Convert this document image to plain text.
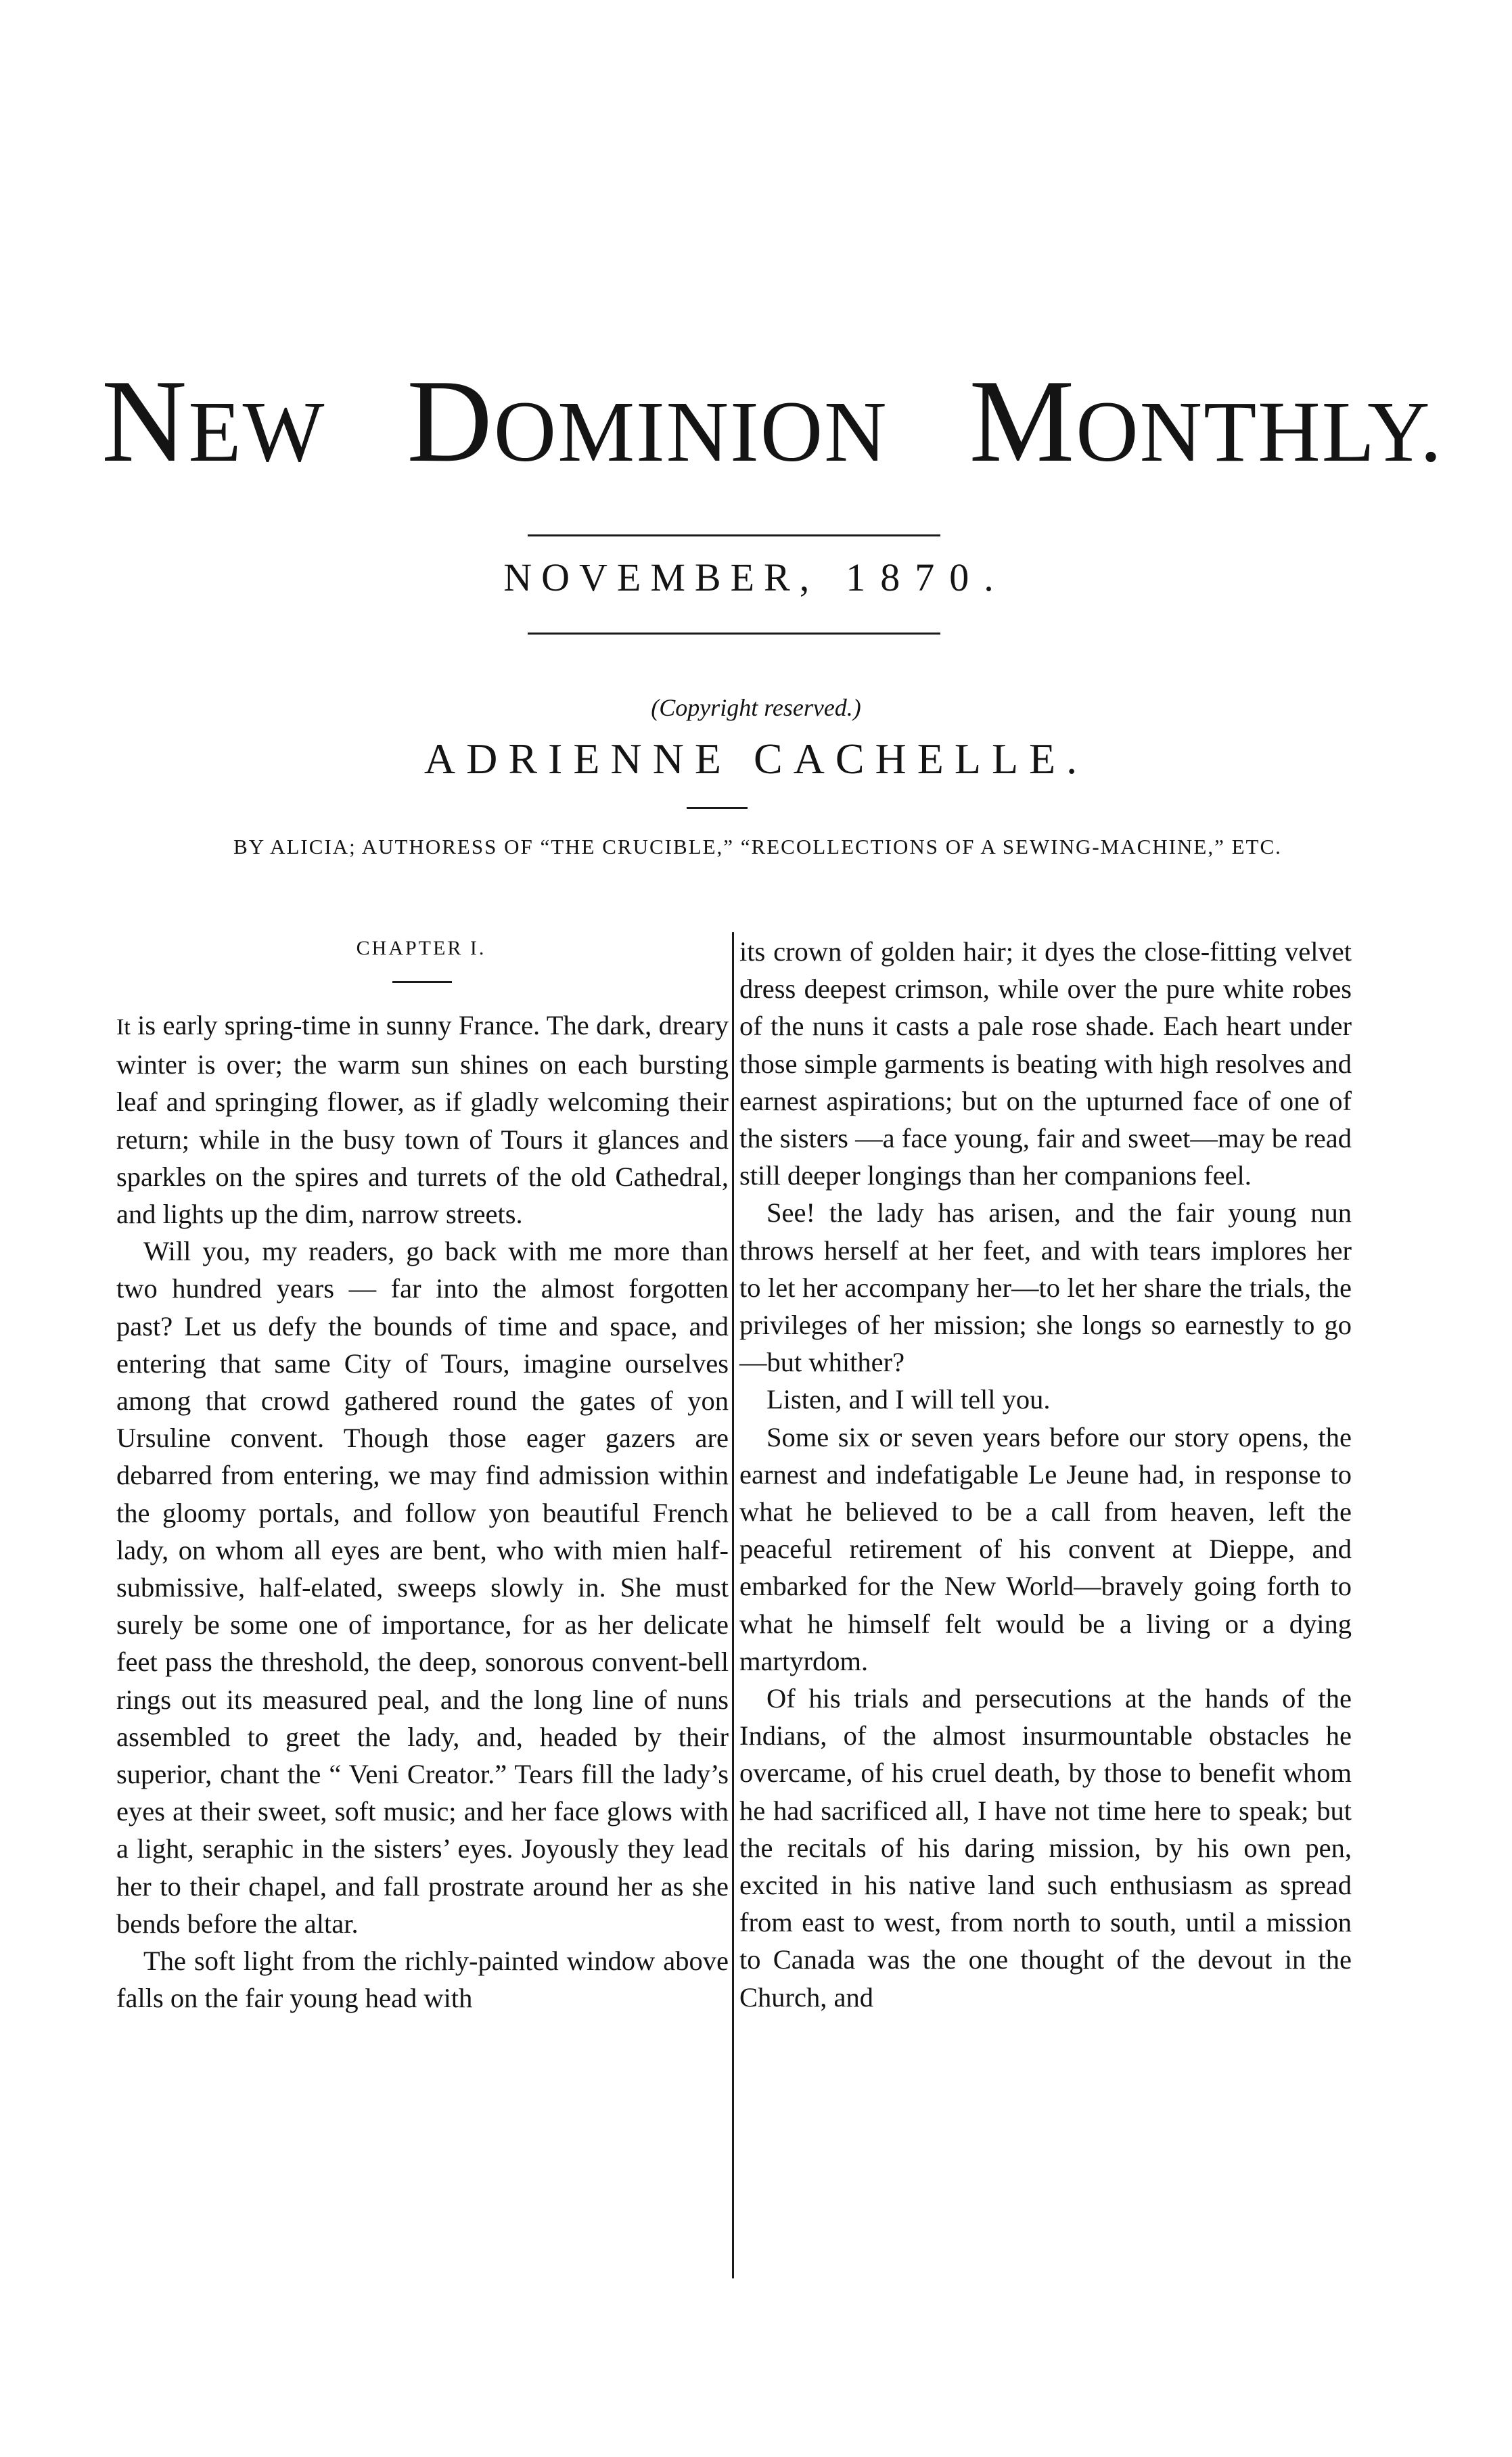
NEW DOMINION MONTHLY.
NOVEMBER, 1870.
(Copyright reserved.)
ADRIENNE CACHELLE.
BY ALICIA; AUTHORESS OF “THE CRUCIBLE,” “RECOLLECTIONS OF A SEWING-MACHINE,” ETC.
CHAPTER I.

It is early spring-time in sunny France. The dark, dreary winter is over; the warm sun shines on each bursting leaf and springing flower, as if gladly welcoming their return; while in the busy town of Tours it glances and sparkles on the spires and turrets of the old Cathedral, and lights up the dim, narrow streets.

Will you, my readers, go back with me more than two hundred years — far into the almost forgotten past? Let us defy the bounds of time and space, and entering that same City of Tours, imagine ourselves among that crowd gathered round the gates of yon Ursuline convent. Though those eager gazers are debarred from entering, we may find admission within the gloomy portals, and follow yon beautiful French lady, on whom all eyes are bent, who with mien half-submissive, half-elated, sweeps slowly in. She must surely be some one of importance, for as her delicate feet pass the threshold, the deep, sonorous convent-bell rings out its measured peal, and the long line of nuns assembled to greet the lady, and, headed by their superior, chant the “ Veni Creator.” Tears fill the lady’s eyes at their sweet, soft music; and her face glows with a light, seraphic in the sisters’ eyes. Joyously they lead her to their chapel, and fall prostrate around her as she bends before the altar.

The soft light from the richly-painted window above falls on the fair young head with

its crown of golden hair; it dyes the close-fitting velvet dress deepest crimson, while over the pure white robes of the nuns it casts a pale rose shade. Each heart under those simple garments is beating with high resolves and earnest aspirations; but on the upturned face of one of the sisters —a face young, fair and sweet—may be read still deeper longings than her companions feel.

See! the lady has arisen, and the fair young nun throws herself at her feet, and with tears implores her to let her accompany her—to let her share the trials, the privileges of her mission; she longs so earnestly to go—but whither?

Listen, and I will tell you.

Some six or seven years before our story opens, the earnest and indefatigable Le Jeune had, in response to what he believed to be a call from heaven, left the peaceful retirement of his convent at Dieppe, and embarked for the New World—bravely going forth to what he himself felt would be a living or a dying martyrdom.

Of his trials and persecutions at the hands of the Indians, of the almost insurmountable obstacles he overcame, of his cruel death, by those to benefit whom he had sacrificed all, I have not time here to speak; but the recitals of his daring mission, by his own pen, excited in his native land such enthusiasm as spread from east to west, from north to south, until a mission to Canada was the one thought of the devout in the Church, and
